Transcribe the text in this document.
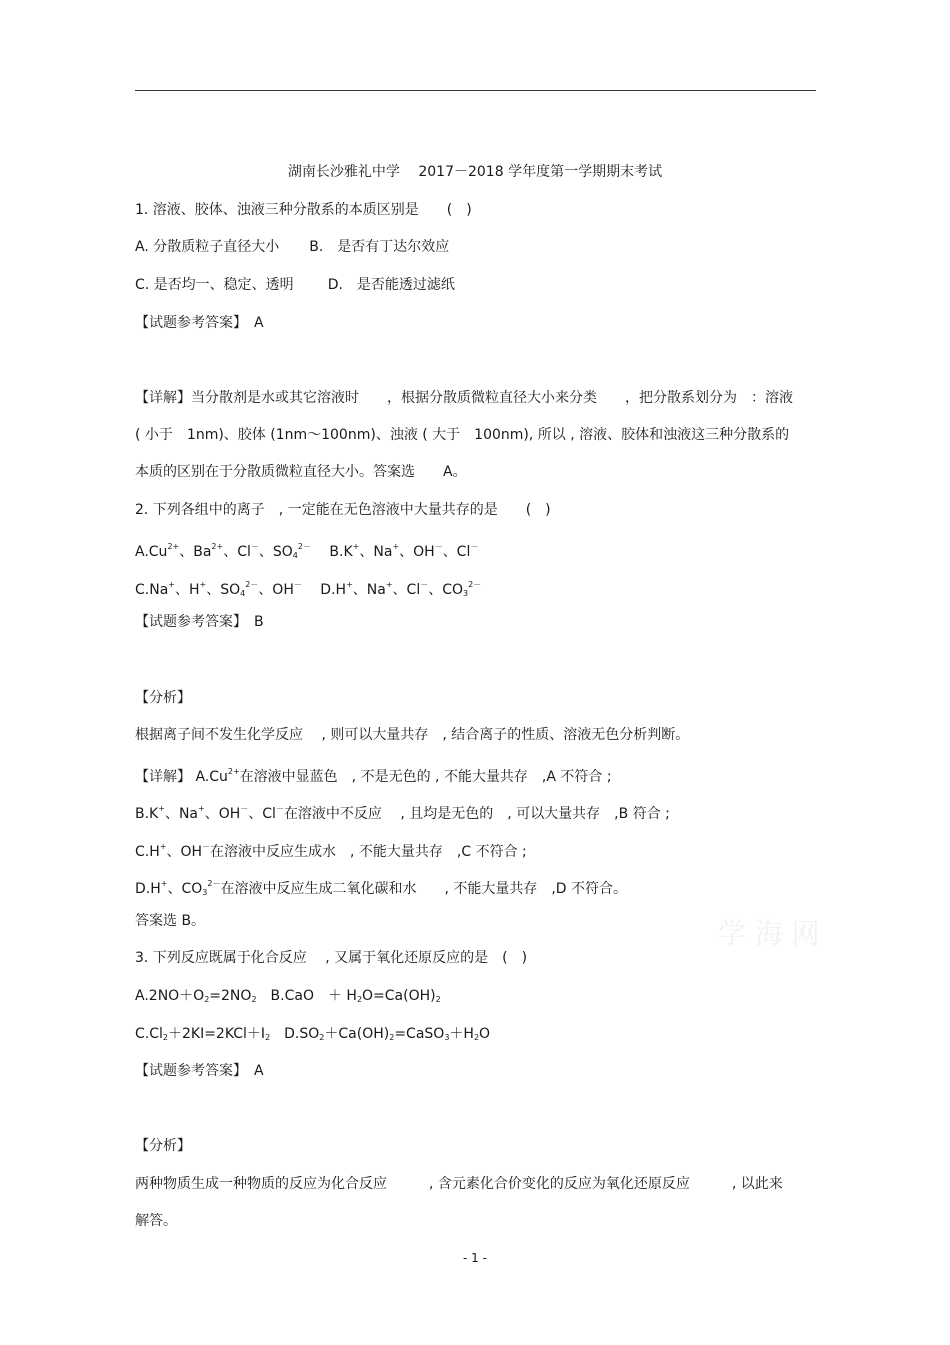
湖南长沙雅礼中学　 2017－2018 学年度第一学期期末考试
1. 溶液、胶体、浊液三种分散系的本质区别是　　(　)
A. 分散质粒子直径大小 B.　是否有丁达尔效应
C. 是否均一、稳定、透明 D.　是否能透过滤纸
【试题参考答案】　A
【详解】当分散剂是水或其它溶液时　　，根据分散质微粒直径大小来分类　　，把分散系划分为　：溶液
( 小于　1nm)、胶体 (1nm～100nm)、浊液 ( 大于　100nm), 所以 , 溶液、胶体和浊液这三种分散系的
本质的区别在于分散质微粒直径大小。答案选　　A。
2. 下列各组中的离子　, 一定能在无色溶液中大量共存的是　　(　)
$A.Cu^{2+}$、$Ba^{2+}$、Cl－、$SO_4^{2-}$　 B.K+、Na+、OH－、Cl－
C.Na+、H+、$SO_4^{2-}$、OH－　 D.H+、Na+、Cl－、$CO_3^{2-}$
【试题参考答案】　B
【分析】
根据离子间不发生化学反应　 , 则可以大量共存　, 结合离子的性质、溶液无色分析判断。
【详解】 $A.Cu^{2+}$在溶液中显蓝色　, 不是无色的 , 不能大量共存　,A 不符合 ;
B.K+、Na+、OH－、Cl－在溶液中不反应　 , 且均是无色的　, 可以大量共存　,B 符合 ;
C.H+、OH－在溶液中反应生成水　, 不能大量共存　,C 不符合 ;
D.H+、$CO_3^{2-}$在溶液中反应生成二氧化碳和水　　, 不能大量共存　,D 不符合。
答案选 B。
3. 下列反应既属于化合反应　 , 又属于氧化还原反应的是　(　)
$A.2NO+O_2=2NO_2$　B.CaO　＋ $H_2O=Ca(OH)_2$
$C.Cl_2+2KI=2KCl+I_2$　$D.SO_2+Ca(OH)_2=CaSO_3+H_2O$
【试题参考答案】　A
【分析】
两种物质生成一种物质的反应为化合反应　　　, 含元素化合价变化的反应为氧化还原反应　　　, 以此来
解答。
学 海 网
- 1 -
